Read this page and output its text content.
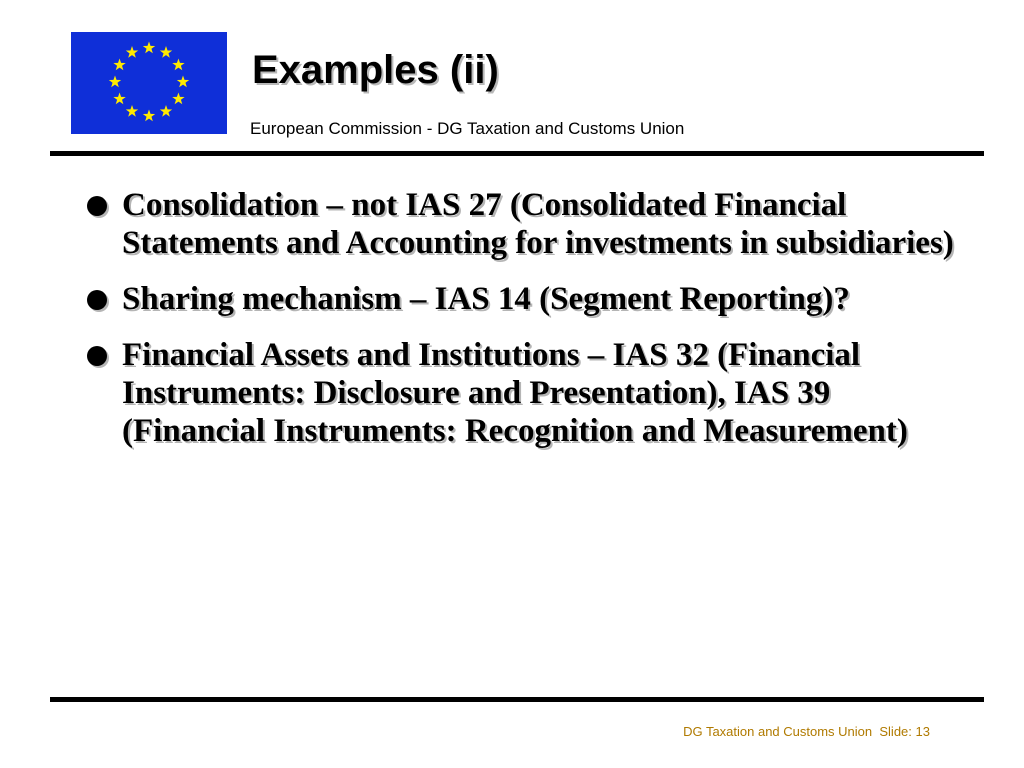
Examples (ii)
European Commission - DG Taxation and Customs Union
Consolidation – not IAS 27 (Consolidated Financial Statements and Accounting for investments in subsidiaries)
Sharing mechanism – IAS 14 (Segment Reporting)?
Financial Assets and Institutions – IAS 32 (Financial Instruments: Disclosure and Presentation), IAS 39 (Financial Instruments: Recognition and Measurement)
DG Taxation and Customs Union Slide: 13
